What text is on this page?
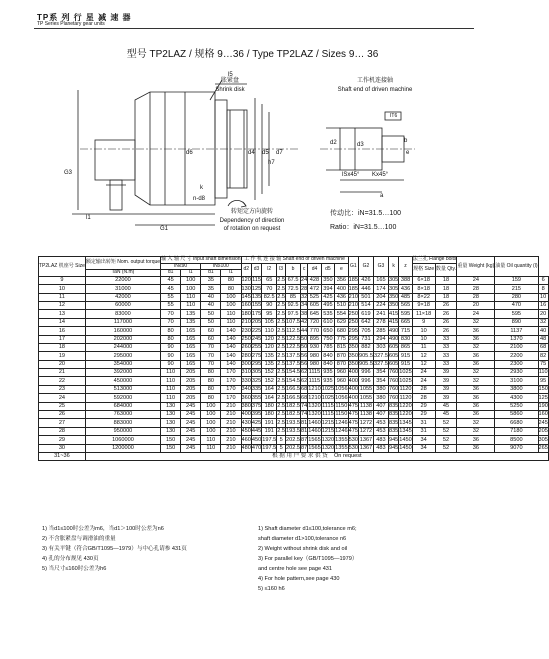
TP系 列 行 星 减 速 器
TP Series Planetary gear units
型号 TP2LAZ / 规格 9…36 / Type TP2LAZ / Sizes 9… 36
胀紧盘
Shrink disk
工作机连接轴
Shaft end of driven machine
IT6
转矩定方向旋转
Dependency of direction
of rotation on request
传动比：iN=31.5…100
Ratio：iN=31.5…100
G3
l1
G1
d4 d5
d6	d7
l5
b
e
a
Kx45°
lSx45°
d2	d3
k
n-d8
h7
TP2LAZ 机座号 Size	额定输出转矩 Nom. output torque	输 入 轴 尺 寸 Input shaft dimension				工 作 机 连 接 轴 Shaft end of driven machine									G1	G2	G3	k	z	法兰孔 Flange bolts		重量 Weight (kg)	油量 Oil quantity (l)	
		iN≤90		iN≥100		d2	d3	l2	l3	b	c	d4	d5	e						规格 Size	数量 Qty.			
	TaN (N.m)	d1	l1	d1	l1																			
9	22000	45	100	35	80	120	115	65	2.5	67.5	24	428	350	356	185	426	165	305	388	6×18	18	24	159	6
10	31000	45	100	35	80	130	125	70	2.5	72.5	28	472	394	400	185	446	174	305	436	8×18	18	28	215	8
11	42000	55	110	40	100	145	135	82.5	2.5	85	32	525	425	436	210	501	204	350	485	8×22	18	28	280	10
12	60000	55	110	40	100	160	155	90	2.5	92.5	34	605	495	510	210	514	224	350	565	9×18	26	20	470	16
13	83000	70	135	50	110	180	175	95	2.5	97.5	38	645	535	554	250	619	241	415	595	11×18	26	24	595	20
14	117000	70	135	50	110	210	205	105	2.5	107.5	42	720	610	629	250	642	278	415	665	9	26	32	890	32
16	160000	80	165	60	140	230	225	110	2.5	112.5	44	770	650	680	295	705	285	490	715	10	26	36	1137	40
17	202000	80	165	60	140	250	245	120	2.5	122.5	50	895	750	775	295	731	294	490	830	10	33	36	1370	48
18	244000	90	165	70	140	260	255	120	2.5	122.5	50	930	785	815	350	882	303	605	865	11	33	32	2100	68
19	295000	90	165	70	140	280	275	135	2.5	137.5	56	980	840	870	350	905.5	327.5	605	915	12	33	36	2200	82
20	354000	90	165	70	140	300	295	135	2.5	137.5	56	980	840	870	350	905.5	327.5	605	915	12	33	36	2300	75
21	392000	110	205	80	170	310	305	152	2.5	154.5	62	1115	935	960	400	996	354	760	1025	24	39	32	2930	110
22	450000	110	205	80	170	330	325	152	2.5	154.5	62	1115	935	960	400	996	354	760	1025	24	39	32	3100	95
23	513000	110	205	80	170	340	335	164	2.5	166.5	68	1210	1025	1056	400	1055	380	760	1120	28	39	36	3800	150
24	592000	110	205	80	170	360	355	164	2.5	166.5	68	1210	1025	1056	400	1055	380	760	1120	28	39	36	4300	125
25	684000	130	245	100	210	380	375	180	2.5	182.5	74	1320	1115	1150	475	1138	407	835	1220	29	45	36	5250	190
26	763000	130	245	100	210	400	395	180	2.5	182.5	74	1320	1115	1150	475	1138	407	835	1220	29	45	36	5860	160
27	883000	130	245	100	210	430	425	191	2.5	193.5	81	1460	1215	1246	475	1272	453	835	1345	31	52	32	6680	245
28	950000	130	245	100	210	450	445	191	2.5	193.5	81	1460	1215	1246	475	1272	453	835	1345	31	52	32	7180	205
29	1060000	150	245	110	210	460	450	197.5	5	202.5	87	1565	1320	1355	530	1367	483	945	1450	34	52	36	8500	305
30	1200000	150	245	110	210	480	470	197.5	5	202.5	87	1565	1320	1355	530	1367	483	945	1450	34	52	36	9070	265
31~36	根 据 用 户 要 求 供 货 On request																							
1) 当d1≤100时公差为m6，当d1＞100时公差为n6
2) 不含胀紧盘与调滑油的重量
3) 有关平键（符合GB/T1095—1979）与中心孔请参 431页
4) 孔的分布规见 430页
5) 当尺寸≤160时公差为h6
1) Shaft diameter d1≤100,tolerance m6;
shaft diameter d1>100,tolerance n6
2) Weight without shrink disk and oil
3) For parallel key（GB/T1095—1979）
and centre hole see page 431
4) For hole pattern,see page 430
5) ≤160 h6
